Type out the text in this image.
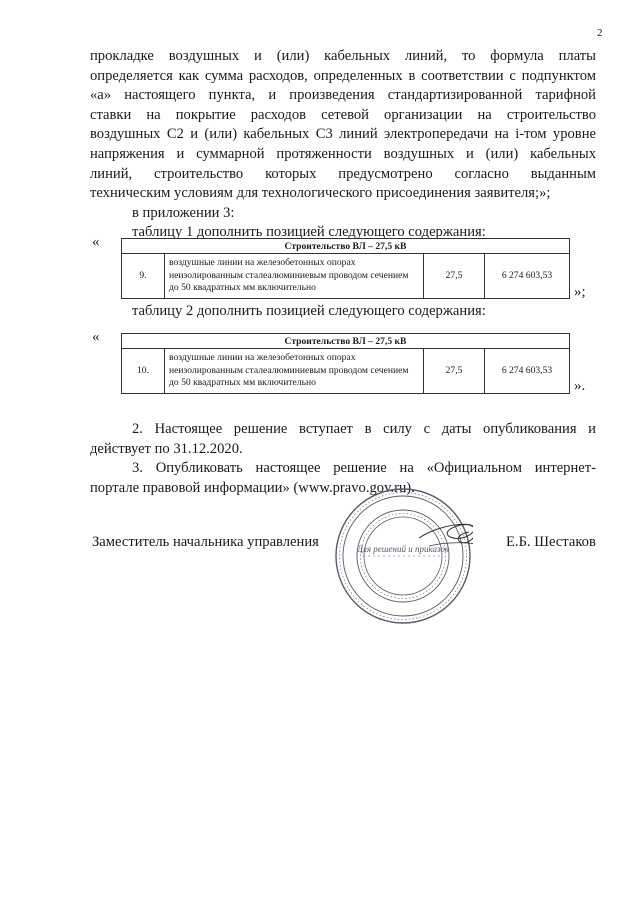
2
прокладке воздушных и (или) кабельных линий, то формула платы
определяется как сумма расходов, определенных в соответствии с подпунктом
«а» настоящего пункта, и произведения стандартизированной тарифной
ставки на покрытие расходов сетевой организации на строительство
воздушных С2 и (или) кабельных С3 линий электропередачи на i-том уровне
напряжения и суммарной протяженности воздушных и (или) кабельных
линий, строительство которых предусмотрено согласно выданным
техническим условиям для технологического присоединения заявителя;»;
в приложении 3:
таблицу 1 дополнить позицией следующего содержания:
«	Строительство ВЛ – 27,5 кВ
9.	воздушные линии на железобетонных опорах неизолированным сталеалюминиевым проводом сечением до 50 квадратных мм включительно	27,5	6 274 603,53
»;
таблицу 2 дополнить позицией следующего содержания:
«	Строительство ВЛ – 27,5 кВ
10.	воздушные линии на железобетонных опорах неизолированным сталеалюминиевым проводом сечением до 50 квадратных мм включительно	27,5	6 274 603,53
».
2. Настоящее решение вступает в силу с даты опубликования и
действует по 31.12.2020.
3. Опубликовать настоящее решение на «Официальном интернет-
портале правовой информации» (www.pravo.gov.ru).
Заместитель начальника управления	Для решений и приказов	Е.Б. Шестаков
